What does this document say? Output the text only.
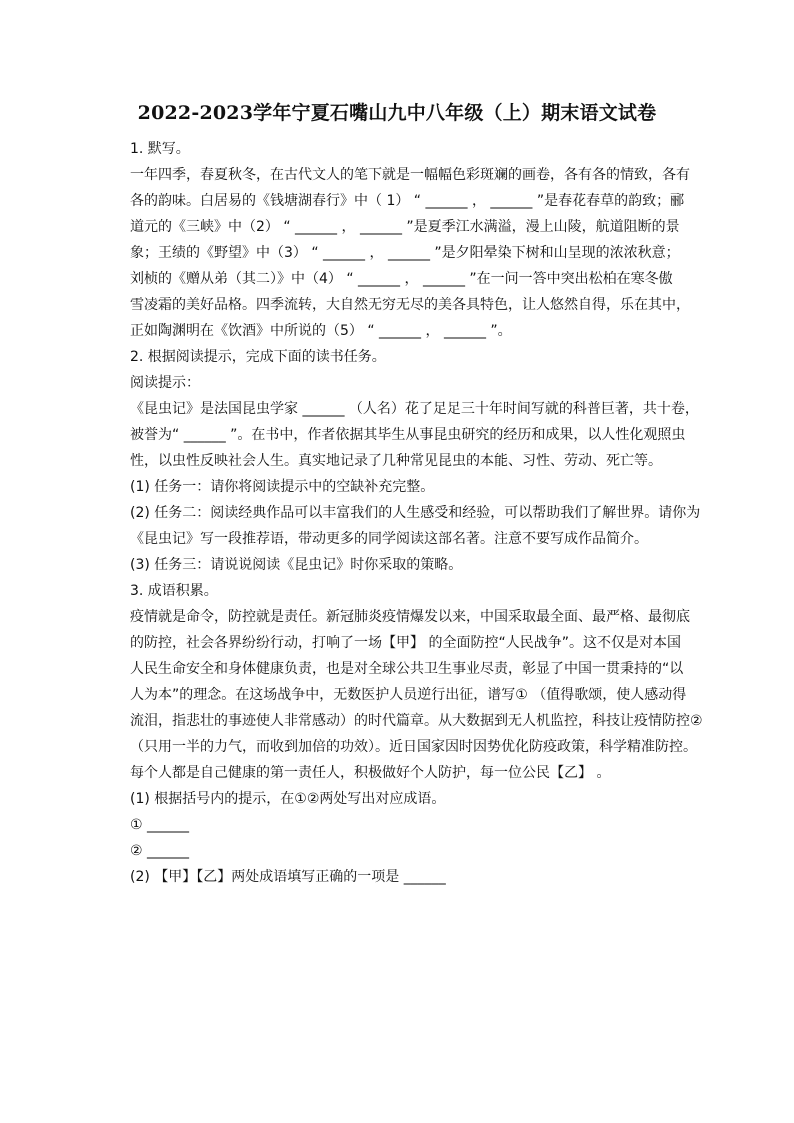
2022-2023学年宁夏石嘴山九中八年级（上）期末语文试卷
1. 默写。
一年四季，春夏秋冬，在古代文人的笔下就是一幅幅色彩斑斓的画卷，各有各的情致，各有
各的韵味。白居易的《钱塘湖春行》中（ 1） “ ______ ， ______ ”是春花春草的韵致；郦
道元的《三峡》中（2） “ ______ ， ______ ”是夏季江水满溢，漫上山陵，航道阻断的景
象；王绩的《野望》中（3） “ ______ ， ______ ”是夕阳晕染下树和山呈现的浓浓秋意；
刘桢的《赠从弟（其二）》中（4） “ ______ ， ______ ”在一问一答中突出松柏在寒冬傲
雪凌霜的美好品格。四季流转，大自然无穷无尽的美各具特色，让人悠然自得，乐在其中，
正如陶渊明在《饮酒》中所说的（5） “ ______ ， ______ ”。
2. 根据阅读提示，完成下面的读书任务。
阅读提示：
《昆虫记》是法国昆虫学家 ______ （人名）花了足足三十年时间写就的科普巨著，共十卷，
被誉为“ ______ ”。在书中，作者依据其毕生从事昆虫研究的经历和成果，以人性化观照虫
性，以虫性反映社会人生。真实地记录了几种常见昆虫的本能、习性、劳动、死亡等。
(1) 任务一：请你将阅读提示中的空缺补充完整。
(2) 任务二：阅读经典作品可以丰富我们的人生感受和经验，可以帮助我们了解世界。请你为
《昆虫记》写一段推荐语，带动更多的同学阅读这部名著。注意不要写成作品简介。
(3) 任务三：请说说阅读《昆虫记》时你采取的策略。
3. 成语积累。
疫情就是命令，防控就是责任。新冠肺炎疫情爆发以来，中国采取最全面、最严格、最彻底
的防控，社会各界纷纷行动，打响了一场【甲】 的全面防控“人民战争”。这不仅是对本国
人民生命安全和身体健康负责，也是对全球公共卫生事业尽责，彰显了中国一贯秉持的“以
人为本”的理念。在这场战争中，无数医护人员逆行出征，谱写① （值得歌颂，使人感动得
流泪，指悲壮的事迹使人非常感动）的时代篇章。从大数据到无人机监控，科技让疫情防控②
（只用一半的力气，而收到加倍的功效）。近日国家因时因势优化防疫政策，科学精准防控。
每个人都是自己健康的第一责任人，积极做好个人防护，每一位公民【乙】 。
(1) 根据括号内的提示，在①②两处写出对应成语。
① ______
② ______
(2) 【甲】【乙】两处成语填写正确的一项是 ______
